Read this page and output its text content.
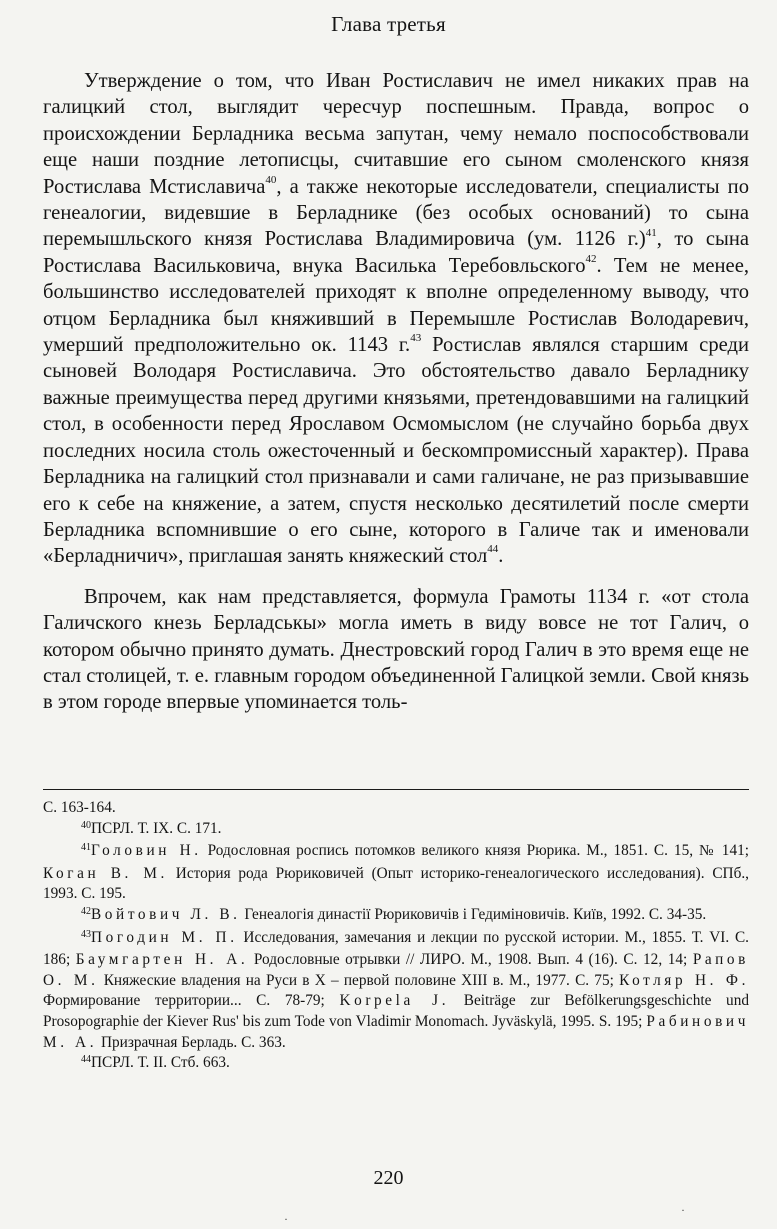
Глава третья

Утверждение о том, что Иван Ростиславич не имел никаких прав на галицкий стол, выглядит чересчур поспешным. Правда, вопрос о происхождении Берладника весьма запутан, чему немало поспособствовали еще наши поздние летописцы, считавшие его сыном смоленского князя Ростислава Мстиславича$^{40}$, а также некоторые исследователи, специалисты по генеалогии, видевшие в Берладнике (без особых оснований) то сына перемышльского князя Ростислава Владимировича (ум. 1126 г.)$^{41}$, то сына Ростислава Васильковича, внука Василька Теребовльского$^{42}$. Тем не менее, большинство исследователей приходят к вполне определенному выводу, что отцом Берладника был княживший в Перемышле Ростислав Володаревич, умерший предположительно ок. 1143 г.$^{43}$ Ростислав являлся старшим среди сыновей Володаря Ростиславича. Это обстоятельство давало Берладнику важные преимущества перед другими князьями, претендовавшими на галицкий стол, в особенности перед Ярославом Осмомыслом (не случайно борьба двух последних носила столь ожесточенный и бескомпромиссный характер). Права Берладника на галицкий стол признавали и сами галичане, не раз призывавшие его к себе на княжение, а затем, спустя несколько десятилетий после смерти Берладника вспомнившие о его сыне, которого в Галиче так и именовали «Берладничич», приглашая занять княжеский стол$^{44}$.

Впрочем, как нам представляется, формула Грамоты 1134 г. «от стола Галичского кнезь Берладськы» могла иметь в виду вовсе не тот Галич, о котором обычно принято думать. Днестровский город Галич в это время еще не стал столицей, т. е. главным городом объединенной Галицкой земли. Свой князь в этом городе впервые упоминается толь-

С. 163-164.

$^{40}$ПСРЛ. Т. IX. С. 171.

$^{41}$Головин Н. Родословная роспись потомков великого князя Рюрика. М., 1851. С. 15, № 141; Коган В. М. История рода Рюриковичей (Опыт историко-генеалогического исследования). СПб., 1993. С. 195.

$^{42}$Войтович Л. В. Генеалогія династії Рюриковичів і Гедиміновичів. Київ, 1992. С. 34-35.

$^{43}$Погодин М. П. Исследования, замечания и лекции по русской истории. М., 1855. Т. VI. С. 186; Баумгартен Н. А. Родословные отрывки // ЛИРО. М., 1908. Вып. 4 (16). С. 12, 14; Рапов О. М. Княжеские владения на Руси в X – первой половине XIII в. М., 1977. С. 75; Котляр Н. Ф. Формирование территории... С. 78-79; Korpela J. Beiträge zur Befölkerungsgeschichte und Prosopographie der Kiever Rus' bis zum Tode von Vladimir Monomach. Jyväskylä, 1995. S. 195; Рабинович М. А. Призрачная Берладь. С. 363.

$^{44}$ПСРЛ. Т. II. Стб. 663.

220
·
·
